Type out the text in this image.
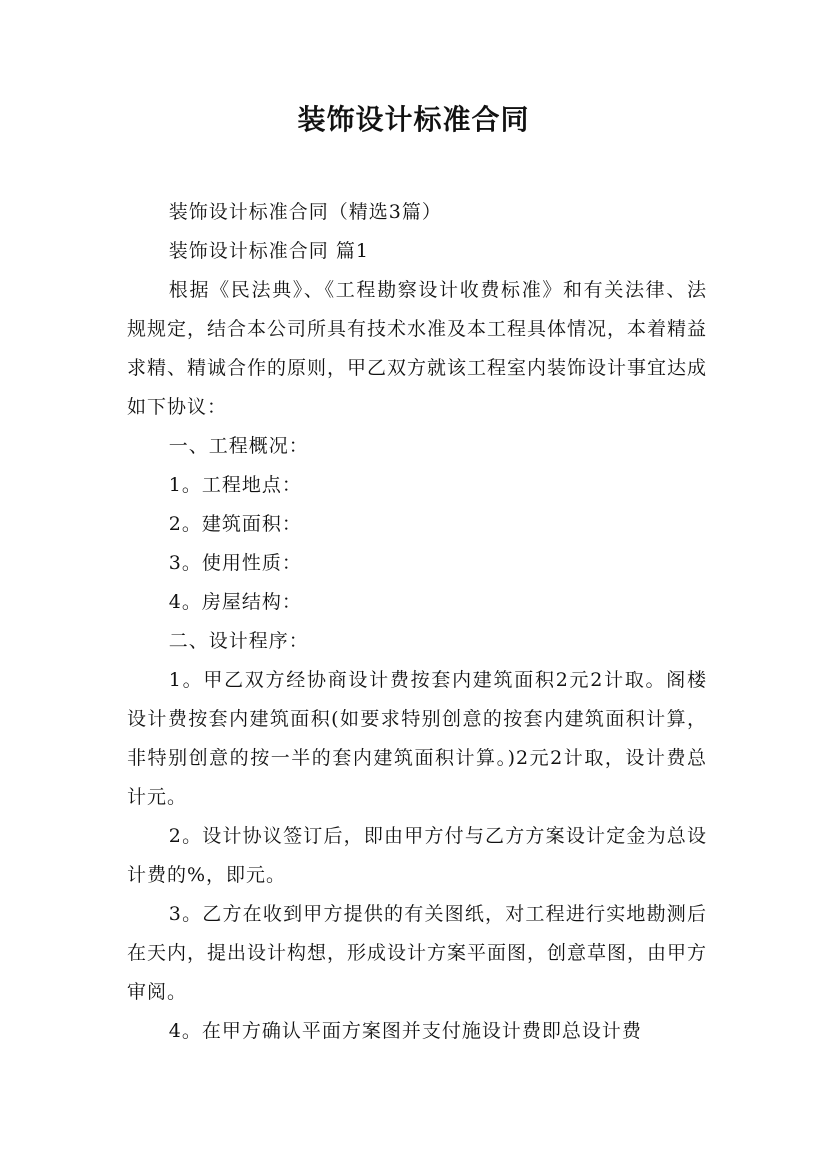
装饰设计标准合同

装饰设计标准合同（精选3篇）

装饰设计标准合同 篇1

根据《民法典》、《工程勘察设计收费标准》和有关法律、法规规定，结合本公司所具有技术水准及本工程具体情况，本着精益求精、精诚合作的原则，甲乙双方就该工程室内装饰设计事宜达成如下协议：

一、工程概况：

1。工程地点：

2。建筑面积：

3。使用性质：

4。房屋结构：

二、设计程序：

1。甲乙双方经协商设计费按套内建筑面积2元2计取。阁楼设计费按套内建筑面积(如要求特别创意的按套内建筑面积计算，非特别创意的按一半的套内建筑面积计算。)2元2计取，设计费总计元。

2。设计协议签订后，即由甲方付与乙方方案设计定金为总设计费的%，即元。

3。乙方在收到甲方提供的有关图纸，对工程进行实地勘测后在天内，提出设计构想，形成设计方案平面图，创意草图，由甲方审阅。

4。在甲方确认平面方案图并支付施设计费即总设计费
